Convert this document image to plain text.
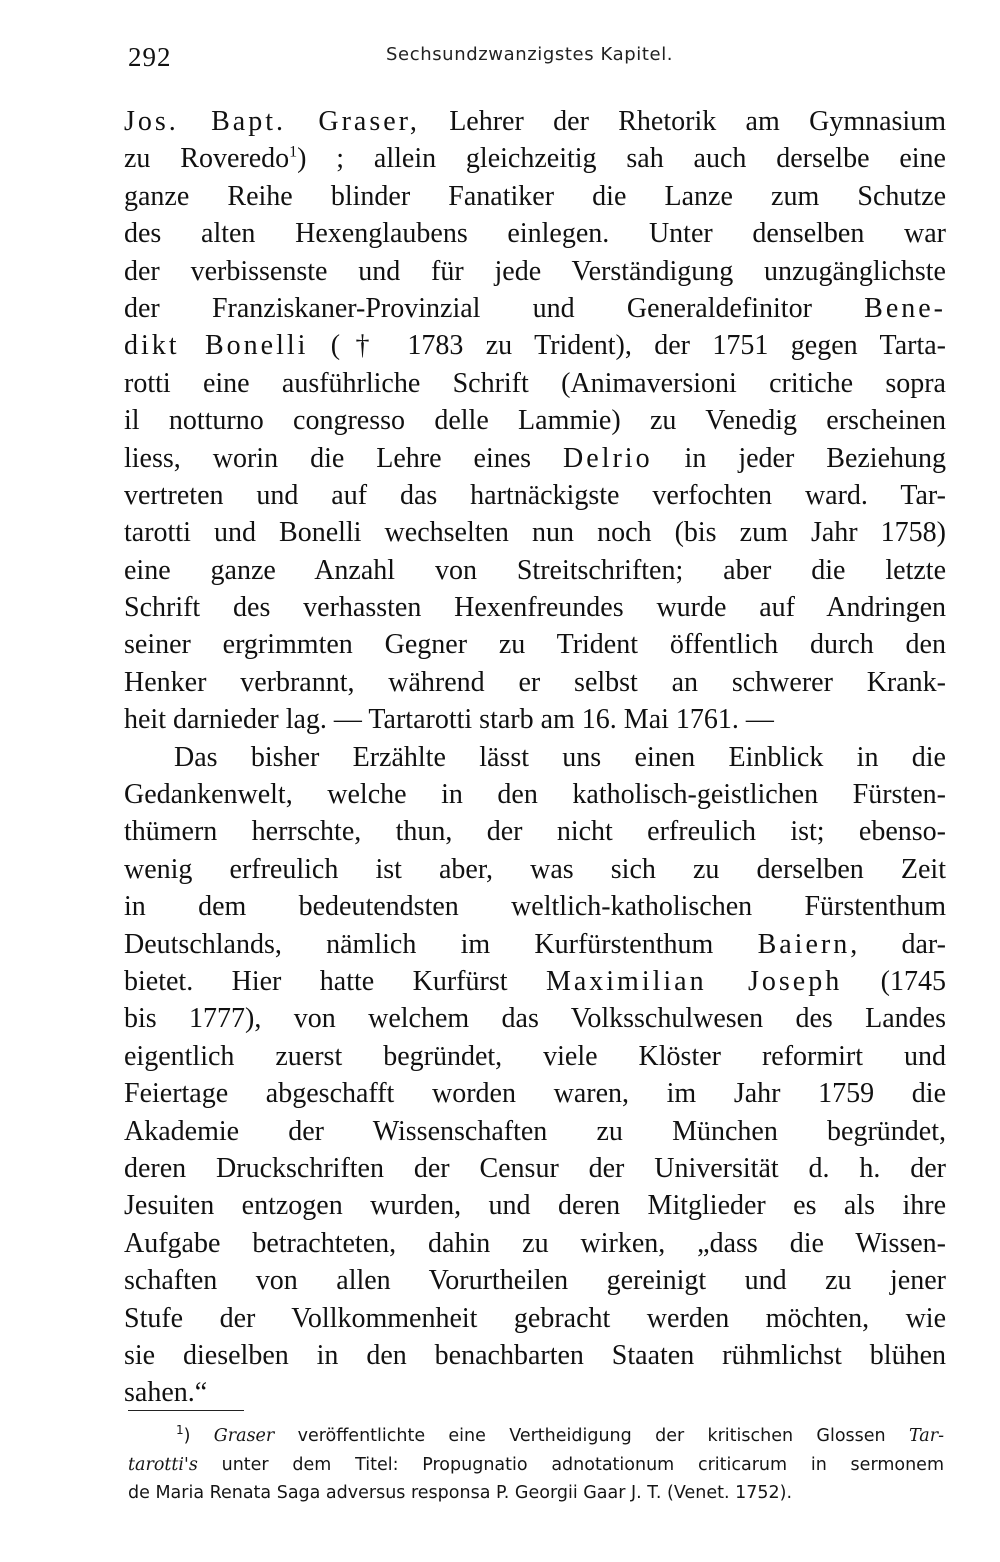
292	Sechsundzwanzigstes Kapitel.
Jos. Bapt. Graser, Lehrer der Rhetorik am Gymnasium
zu Roveredo$^1$) ; allein gleichzeitig sah auch derselbe eine
ganze Reihe blinder Fanatiker die Lanze zum Schutze
des alten Hexenglaubens einlegen. Unter denselben war
der verbissenste und für jede Verständigung unzugänglichste
der Franziskaner-Provinzial und Generaldefinitor Bene-
dikt Bonelli († 1783 zu Trident), der 1751 gegen Tarta-
rotti eine ausführliche Schrift (Animaversioni critiche sopra
il notturno congresso delle Lammie) zu Venedig erscheinen
liess, worin die Lehre eines Delrio in jeder Beziehung
vertreten und auf das hartnäckigste verfochten ward. Tar-
tarotti und Bonelli wechselten nun noch (bis zum Jahr 1758)
eine ganze Anzahl von Streitschriften; aber die letzte
Schrift des verhassten Hexenfreundes wurde auf Andringen
seiner ergrimmten Gegner zu Trident öffentlich durch den
Henker verbrannt, während er selbst an schwerer Krank-
heit darnieder lag. — Tartarotti starb am 16. Mai 1761. —
Das bisher Erzählte lässt uns einen Einblick in die
Gedankenwelt, welche in den katholisch-geistlichen Fürsten-
thümern herrschte, thun, der nicht erfreulich ist; ebenso-
wenig erfreulich ist aber, was sich zu derselben Zeit
in dem bedeutendsten weltlich-katholischen Fürstenthum
Deutschlands, nämlich im Kurfürstenthum Baiern, dar-
bietet. Hier hatte Kurfürst Maximilian Joseph (1745
bis 1777), von welchem das Volksschulwesen des Landes
eigentlich zuerst begründet, viele Klöster reformirt und
Feiertage abgeschafft worden waren, im Jahr 1759 die
Akademie der Wissenschaften zu München begründet,
deren Druckschriften der Censur der Universität d. h. der
Jesuiten entzogen wurden, und deren Mitglieder es als ihre
Aufgabe betrachteten, dahin zu wirken, „dass die Wissen-
schaften von allen Vorurtheilen gereinigt und zu jener
Stufe der Vollkommenheit gebracht werden möchten, wie
sie dieselben in den benachbarten Staaten rühmlichst blühen
sahen.“
$^1$) Graser veröffentlichte eine Vertheidigung der kritischen Glossen Tar-
tarotti's unter dem Titel: Propugnatio adnotationum criticarum in sermonem
de Maria Renata Saga adversus responsa P. Georgii Gaar J. T. (Venet. 1752).
